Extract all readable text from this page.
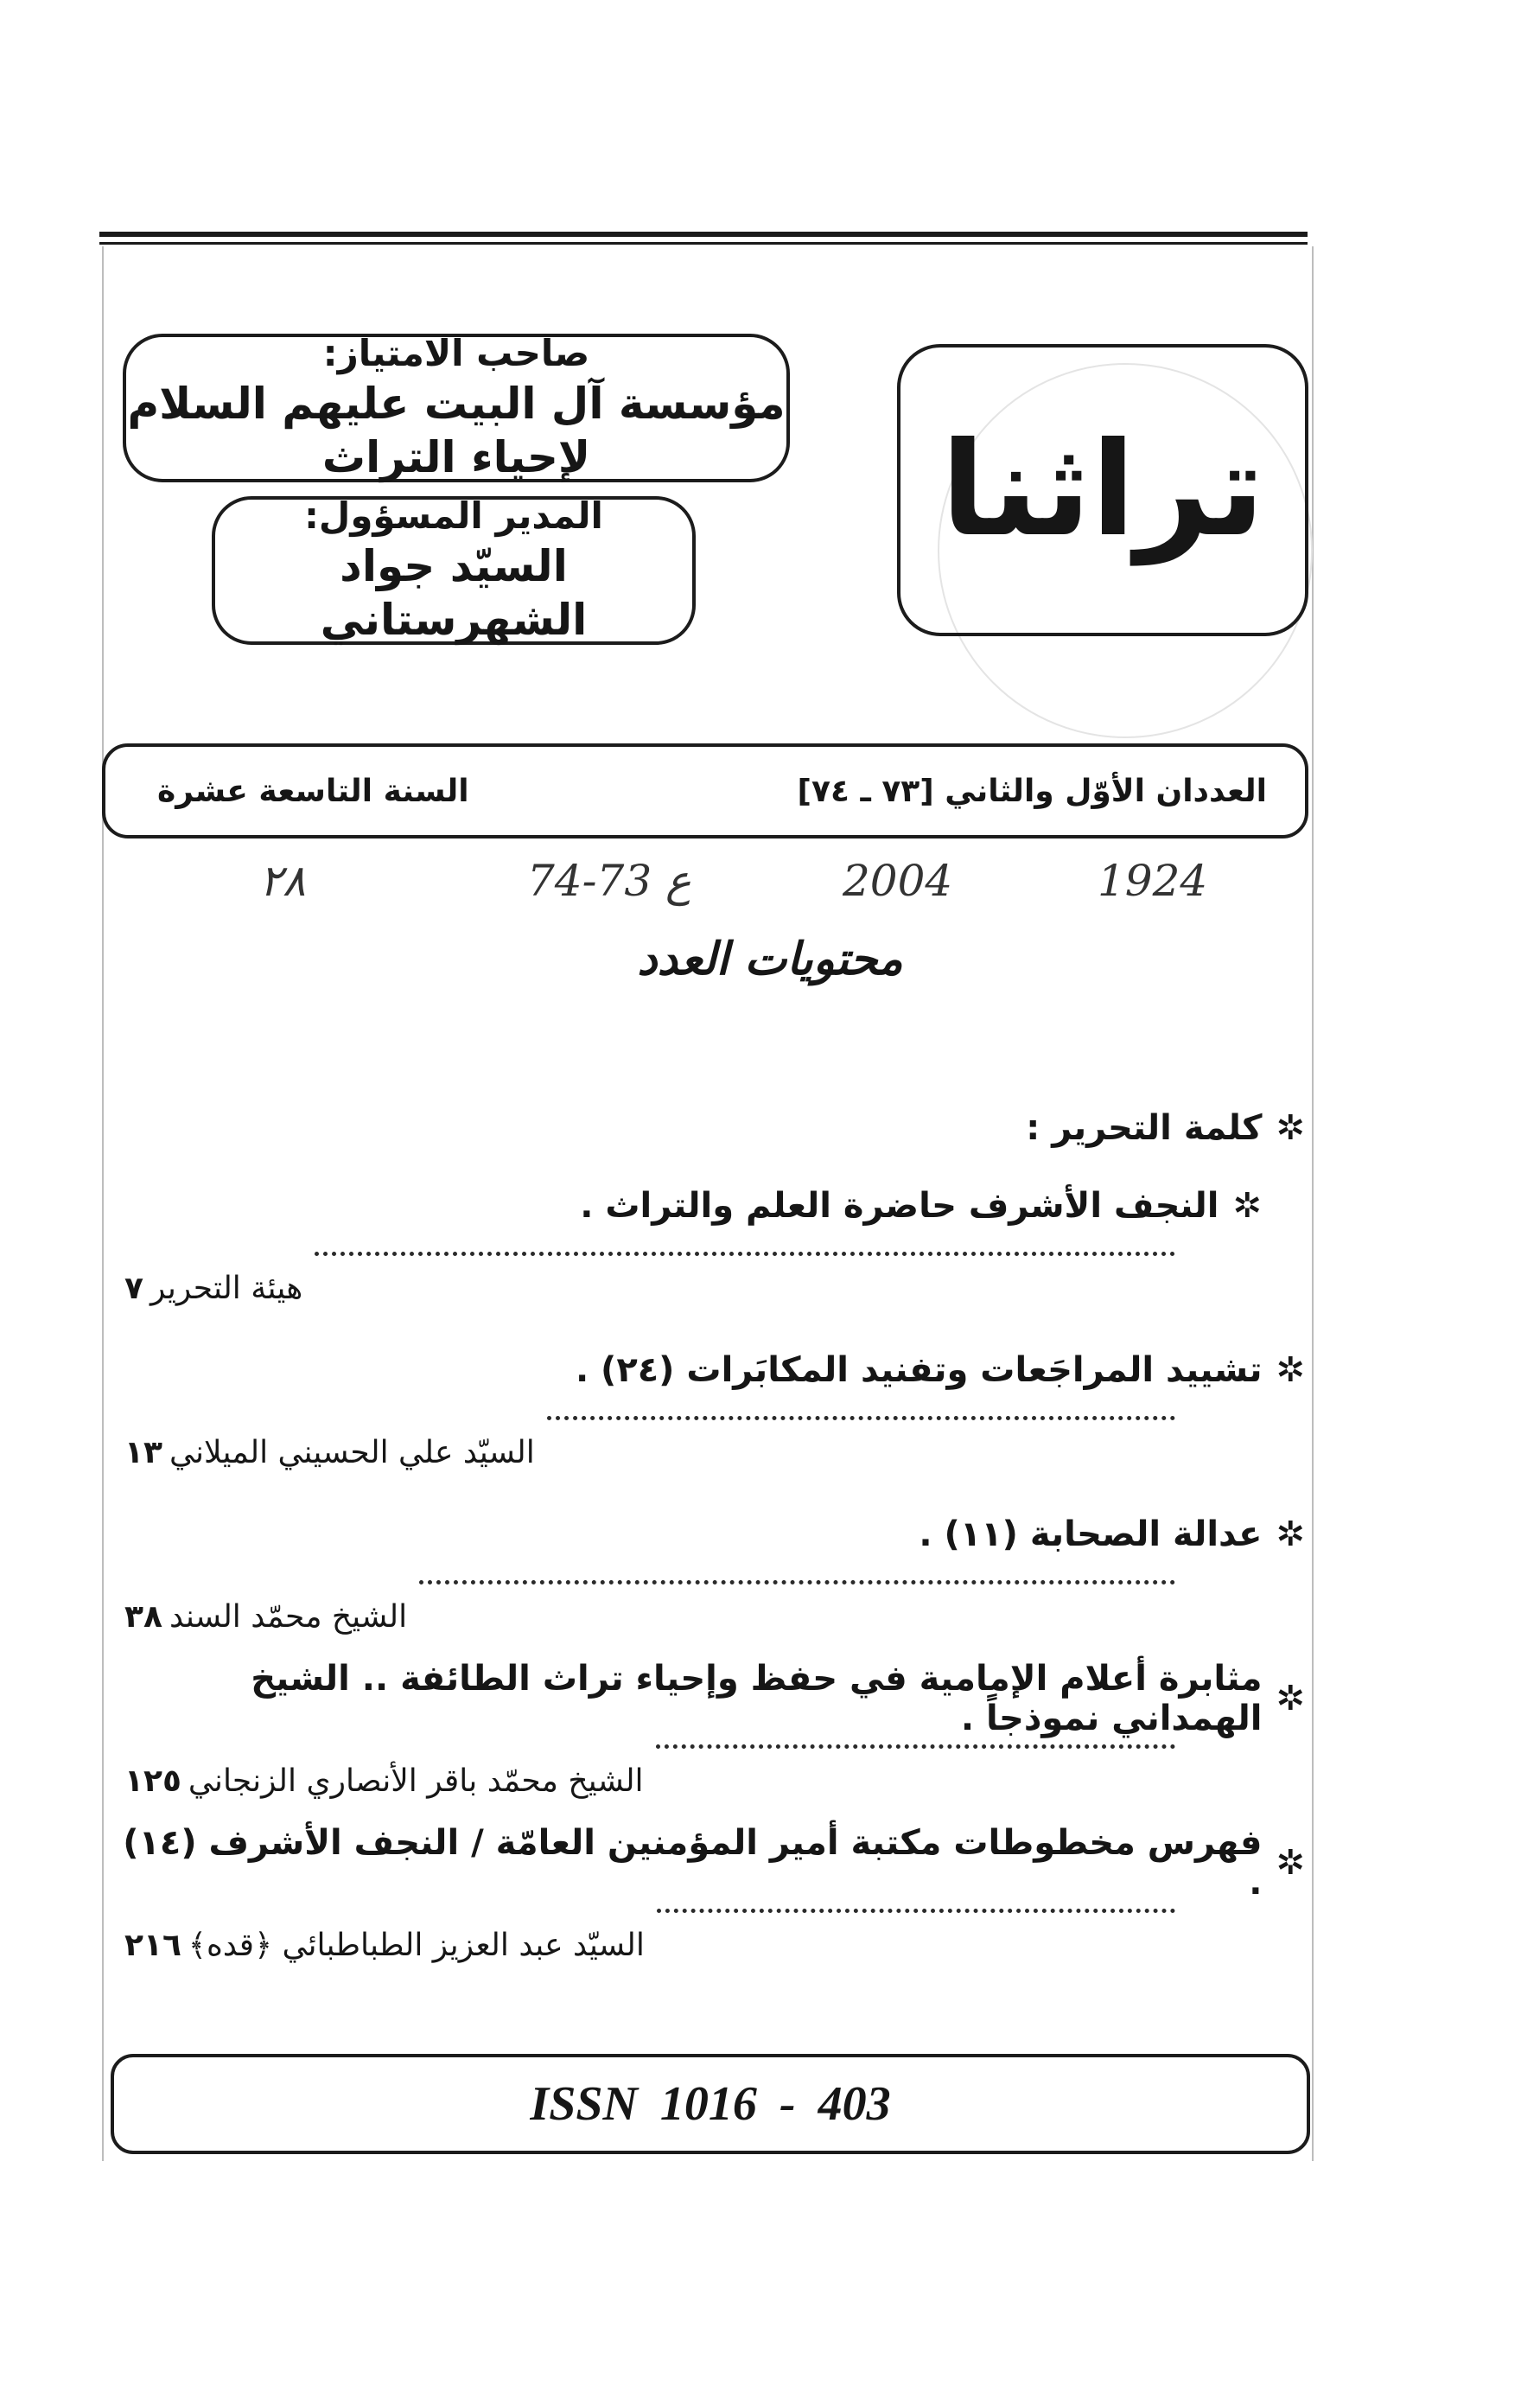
صاحب الامتياز:
مؤسسة آل البيت عليهم السلام لإحياء التراث
المدير المسؤول:
السيّد جواد الشهرستاني
تراثنا
العددان الأوّل والثاني [٧٣ ـ ٧٤]
السنة التاسعة عشرة
٢٨	74-73 ع	2004	1924
محتويات العدد
✲
كلمة التحرير :
✲
النجف الأشرف حاضرة العلم والتراث .
٧ هيئة التحرير
✲
تشييد المراجَعات وتفنيد المكابَرات (٢٤) .
١٣ السيّد علي الحسيني الميلاني
✲
عدالة الصحابة (١١) .
٣٨ الشيخ محمّد السند
✲
مثابرة أعلام الإمامية في حفظ وإحياء تراث الطائفة .. الشيخ الهمداني نموذجاً .
١٢٥ الشيخ محمّد باقر الأنصاري الزنجاني
✲
فهرس مخطوطات مكتبة أمير المؤمنين العامّة / النجف الأشرف (١٤) .
٢١٦ السيّد عبد العزيز الطباطبائي ﴿قده﴾
ISSN 1016 - 403
